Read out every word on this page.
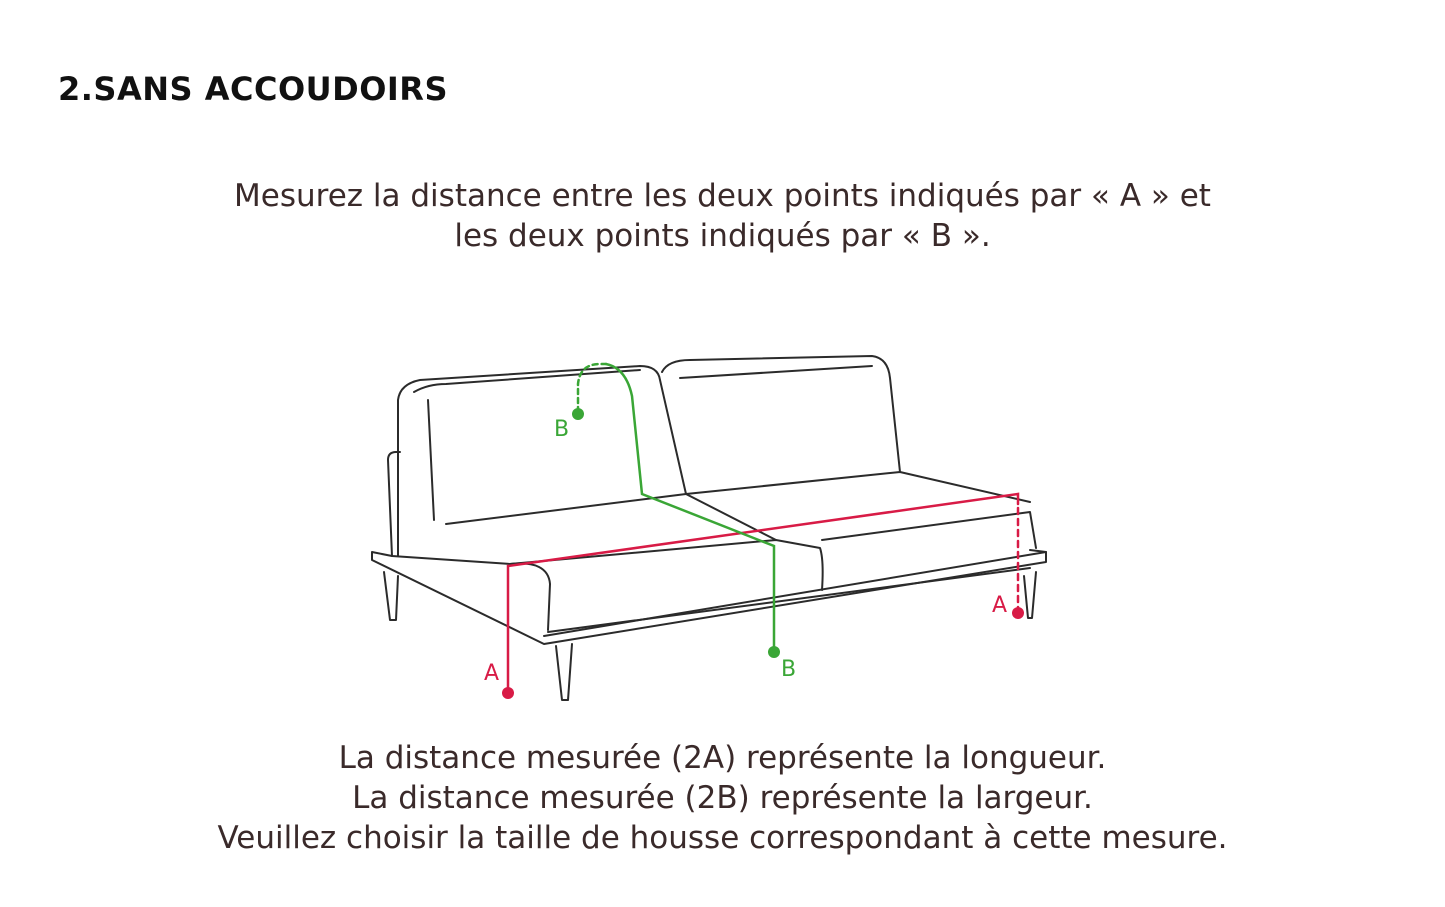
2.SANS ACCOUDOIRS
Mesurez la distance entre les deux points indiqués par « A » et
les deux points indiqués par « B ».
A
A
B
B
La distance mesurée (2A) représente la longueur.
La distance mesurée (2B) représente la largeur.
Veuillez choisir la taille de housse correspondant à cette mesure.
